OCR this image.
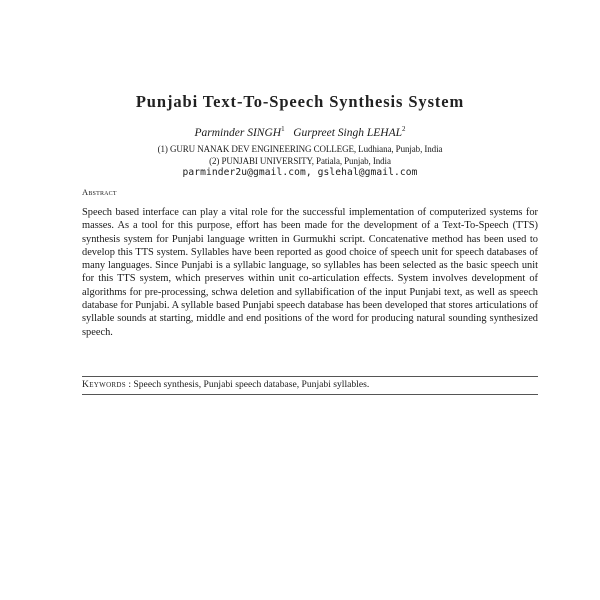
Punjabi Text-To-Speech Synthesis System
Parminder SINGH$^1$ Gurpreet Singh LEHAL$^2$
(1) GURU NANAK DEV ENGINEERING COLLEGE, Ludhiana, Punjab, India
(2) PUNJABI UNIVERSITY, Patiala, Punjab, India
parminder2u@gmail.com, gslehal@gmail.com
Abstract
Speech based interface can play a vital role for the successful implementation of computerized systems for masses. As a tool for this purpose, effort has been made for the development of a Text-To-Speech (TTS) synthesis system for Punjabi language written in Gurmukhi script. Concatenative method has been used to develop this TTS system. Syllables have been reported as good choice of speech unit for speech databases of many languages. Since Punjabi is a syllabic language, so syllables has been selected as the basic speech unit for this TTS system, which preserves within unit co-articulation effects. System involves development of algorithms for pre-processing, schwa deletion and syllabification of the input Punjabi text, as well as speech database for Punjabi. A syllable based Punjabi speech database has been developed that stores articulations of syllable sounds at starting, middle and end positions of the word for producing natural sounding synthesized speech.
Keywords : Speech synthesis, Punjabi speech database, Punjabi syllables.
